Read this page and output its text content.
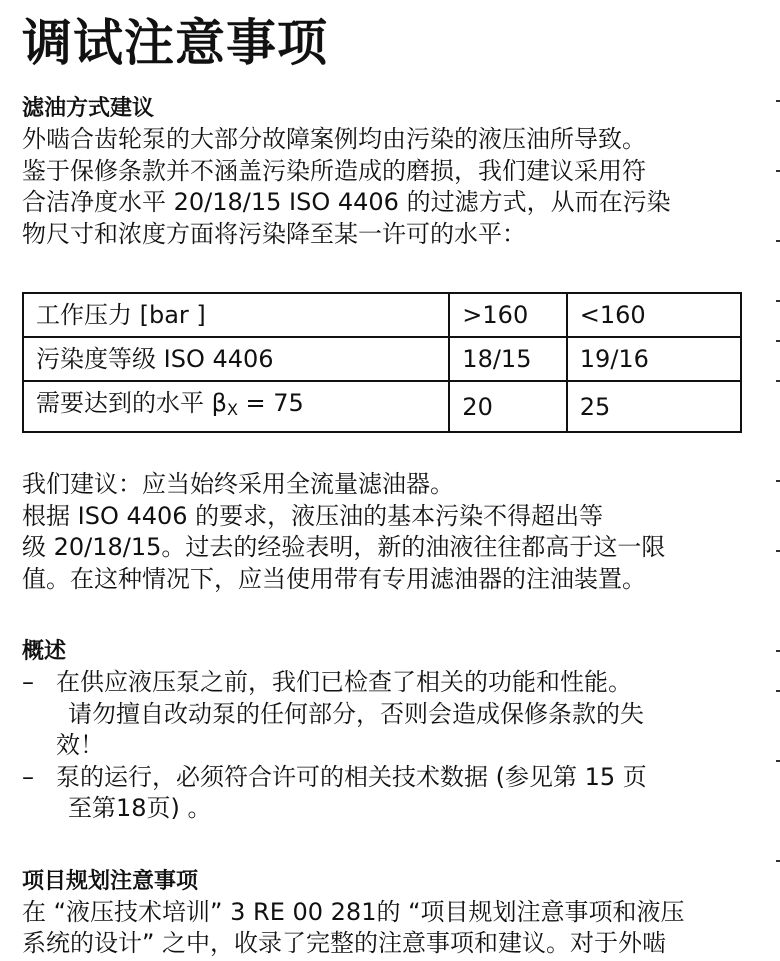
调试注意事项
滤油方式建议
外啮合齿轮泵的大部分故障案例均由污染的液压油所导致。
鉴于保修条款并不涵盖污染所造成的磨损，我们建议采用符
合洁净度水平 20/18/15 ISO 4406 的过滤方式，从而在污染
物尺寸和浓度方面将污染降至某一许可的水平：
工作压力 [bar ]	>160	<160
污染度等级 ISO 4406	18/15	19/16
需要达到的水平 $\beta_X = 75$	20	25
我们建议：应当始终采用全流量滤油器。
根据 ISO 4406 的要求，液压油的基本污染不得超出等
级 20/18/15。过去的经验表明，新的油液往往都高于这一限
值。在这种情况下，应当使用带有专用滤油器的注油装置。
概述
– 在供应液压泵之前，我们已检查了相关的功能和性能。
请勿擅自改动泵的任何部分，否则会造成保修条款的失
效！
– 泵的运行，必须符合许可的相关技术数据 (参见第 15 页
至第18页) 。
项目规划注意事项
在 “液压技术培训” 3 RE 00 281的 “项目规划注意事项和液压
系统的设计” 之中，收录了完整的注意事项和建议。对于外啮
